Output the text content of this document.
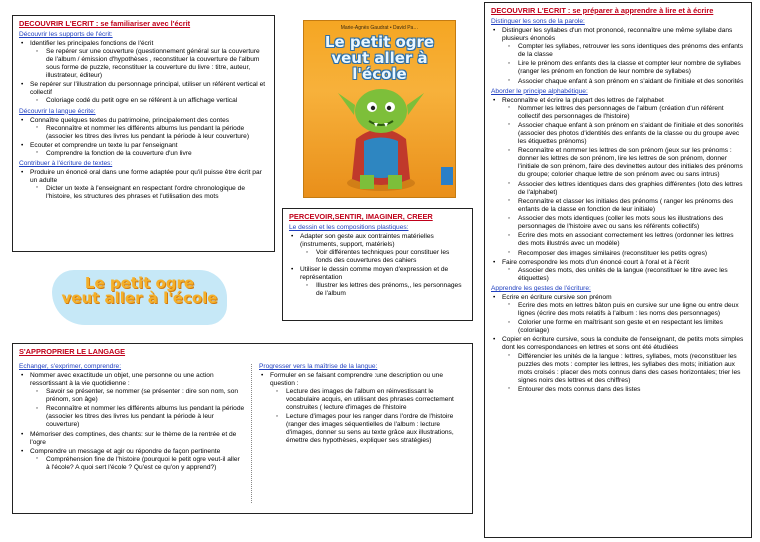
DECOUVRIR L'ECRIT : se familiariser avec l'écrit
Découvrir les supports de l'écrit:
• Identifier les principales fonctions de l'écrit
◦ Se repérer sur une couverture (questionnement général sur la couverture de l'album / émission d'hypothèses , reconstituer la couverture de l'album sous forme de puzzle, reconstituer la couverture du livre : titre, auteur, illustrateur, éditeur)
• Se repérer sur l'illustration du personnage principal, utiliser un référent vertical et collectif
◦ Coloriage codé du petit ogre en se référent à un affichage vertical
Découvrir la langue écrite:
• Connaître quelques textes du patrimoine, principalement des contes
◦ Reconnaître et nommer les différents albums lus pendant la période (associer les titres des livres lus pendant la période à leur couverture)
• Ecouter et comprendre un texte lu par l'enseignant
◦ Comprendre la fonction de la couverture d'un livre
Contribuer à l'écriture de textes:
• Produire un énoncé oral dans une forme adaptée pour qu'il puisse être écrit par un adulte
◦ Dicter un texte à l'enseignant en respectant l'ordre chronologique de l'histoire, les structures des phrases et l'utilisation des mots
Marie-Agnès Gaudrat • David Pa…
Le petit ogre veut aller à l'école
Le petit ogre
veut aller à l'école
PERCEVOIR,SENTIR, IMAGINER, CREER
Le dessin et les compositions plastiques:
• Adapter son geste aux contraintes matérielles (instruments, support, matériels)
◦ Voir différentes techniques pour constituer les fonds des couvertures des cahiers
• Utiliser le dessin comme moyen d'expression et de représentation
◦ Illustrer les lettres des prénoms,, les personnages de l'album
S'APPROPRIER LE LANGAGE
Echanger, s'exprimer, comprendre:
• Nommer avec exactitude un objet, une personne ou une action ressortissant à la vie quotidienne :
◦ Savoir se présenter, se nommer (se présenter : dire son nom, son prénom, son âge)
◦ Reconnaître et nommer les différents albums lus pendant la période (associer les titres des livres lus pendant la période à leur couverture)
• Mémoriser des comptines, des chants: sur le thème de la rentrée et de l'ogre
• Comprendre un message et agir ou répondre de façon pertinente
◦ Compréhension fine de l'histoire (pourquoi le petit ogre veut-il aller à l'école? A quoi sert l'école ? Qu'est ce qu'on y apprend?)
Progresser vers la maîtrise de la langue:
• Formuler en se faisant comprendre :une description ou une question :
◦ Lecture des images de l'album en réinvestissant le vocabulaire acquis, en utilisant des phrases correctement construites ( lecture d'images de l'histoire
◦ Lecture d'images pour les ranger dans l'ordre de l'histoire (ranger des images séquentielles de l'album : lecture d'images, donner su sens au texte grâce aux illustrations, émettre des hypothèses, expliquer ses stratégies)
DECOUVRIR L'ECRIT : se préparer à apprendre à lire et à écrire
Distinguer les sons de la parole:
• Distinguer les syllabes d'un mot prononcé, reconnaître une même syllabe dans plusieurs énoncés
◦ Compter les syllabes, retrouver les sons identiques des prénoms des enfants de la classe
◦ Lire le prénom des enfants des la classe et compter leur nombre de syllabes (ranger les prénom en fonction de leur nombre de syllabes)
◦ Associer chaque enfant à son prénom en s'aidant de l'initiale et des sonorités
Aborder le principe alphabétique:
• Reconnaître et écrire la plupart des lettres de l'alphabet
◦ Nommer les lettres des personnages de l'album (création d'un référent collectif des personnages de l'histoire)
◦ Associer chaque enfant à son prénom en s'aidant de l'initiale et des sonorités (associer des photos d'identités des enfants de la classe ou du groupe avec les étiquettes prénoms)
◦ Reconnaître et nommer les lettres de son prénom (jeux sur les prénoms : donner les lettres de son prénom, lire les lettres de son prénom, donner l'initiale de son prénom, faire des devinettes autour des initiales des prénoms du groupe; colorier chaque lettre de son prénom avec ou sans intrus)
◦ Associer des lettres identiques dans des graphies différentes (loto des lettres de l'alphabet)
◦ Reconnaître et classer les initiales des prénoms ( ranger les prénoms des enfants de la classe en fonction de leur initiale)
◦ Associer des mots identiques (coller les mots sous les illustrations des personnages de l'histoire avec ou sans les référents collectifs)
◦ Ecrire des mots en associant correctement les lettres (ordonner les lettres des mots illustrés avec un modèle)
◦ Recomposer des images similaires (reconstituer les petits ogres)
• Faire correspondre les mots d'un énoncé court à l'oral et à l'écrit
◦ Associer des mots, des unités de la langue (reconstituer le titre avec les étiquettes)
Apprendre les gestes de l'écriture:
• Ecrire en écriture cursive son prénom
◦ Ecrire des mots en lettres bâton puis en cursive sur une ligne ou entre deux lignes (écrire des mots relatifs à l'album : les noms des personnages)
◦ Colorier une forme en maîtrisant son geste et en respectant les limites (coloriage)
• Copier en écriture cursive, sous la conduite de l'enseignant, de petits mots simples dont les correspondances en lettres et sons ont été étudiées
◦ Différencier les unités de la langue : lettres, syllabes, mots (reconstituer les puzzles des mots : compter les lettres, les syllabes des mots; initiation aux mots croisés : placer des mots connus dans des cases horizontales; trier les signes noirs des lettres et des chiffres)
◦ Entourer des mots connus dans des listes
